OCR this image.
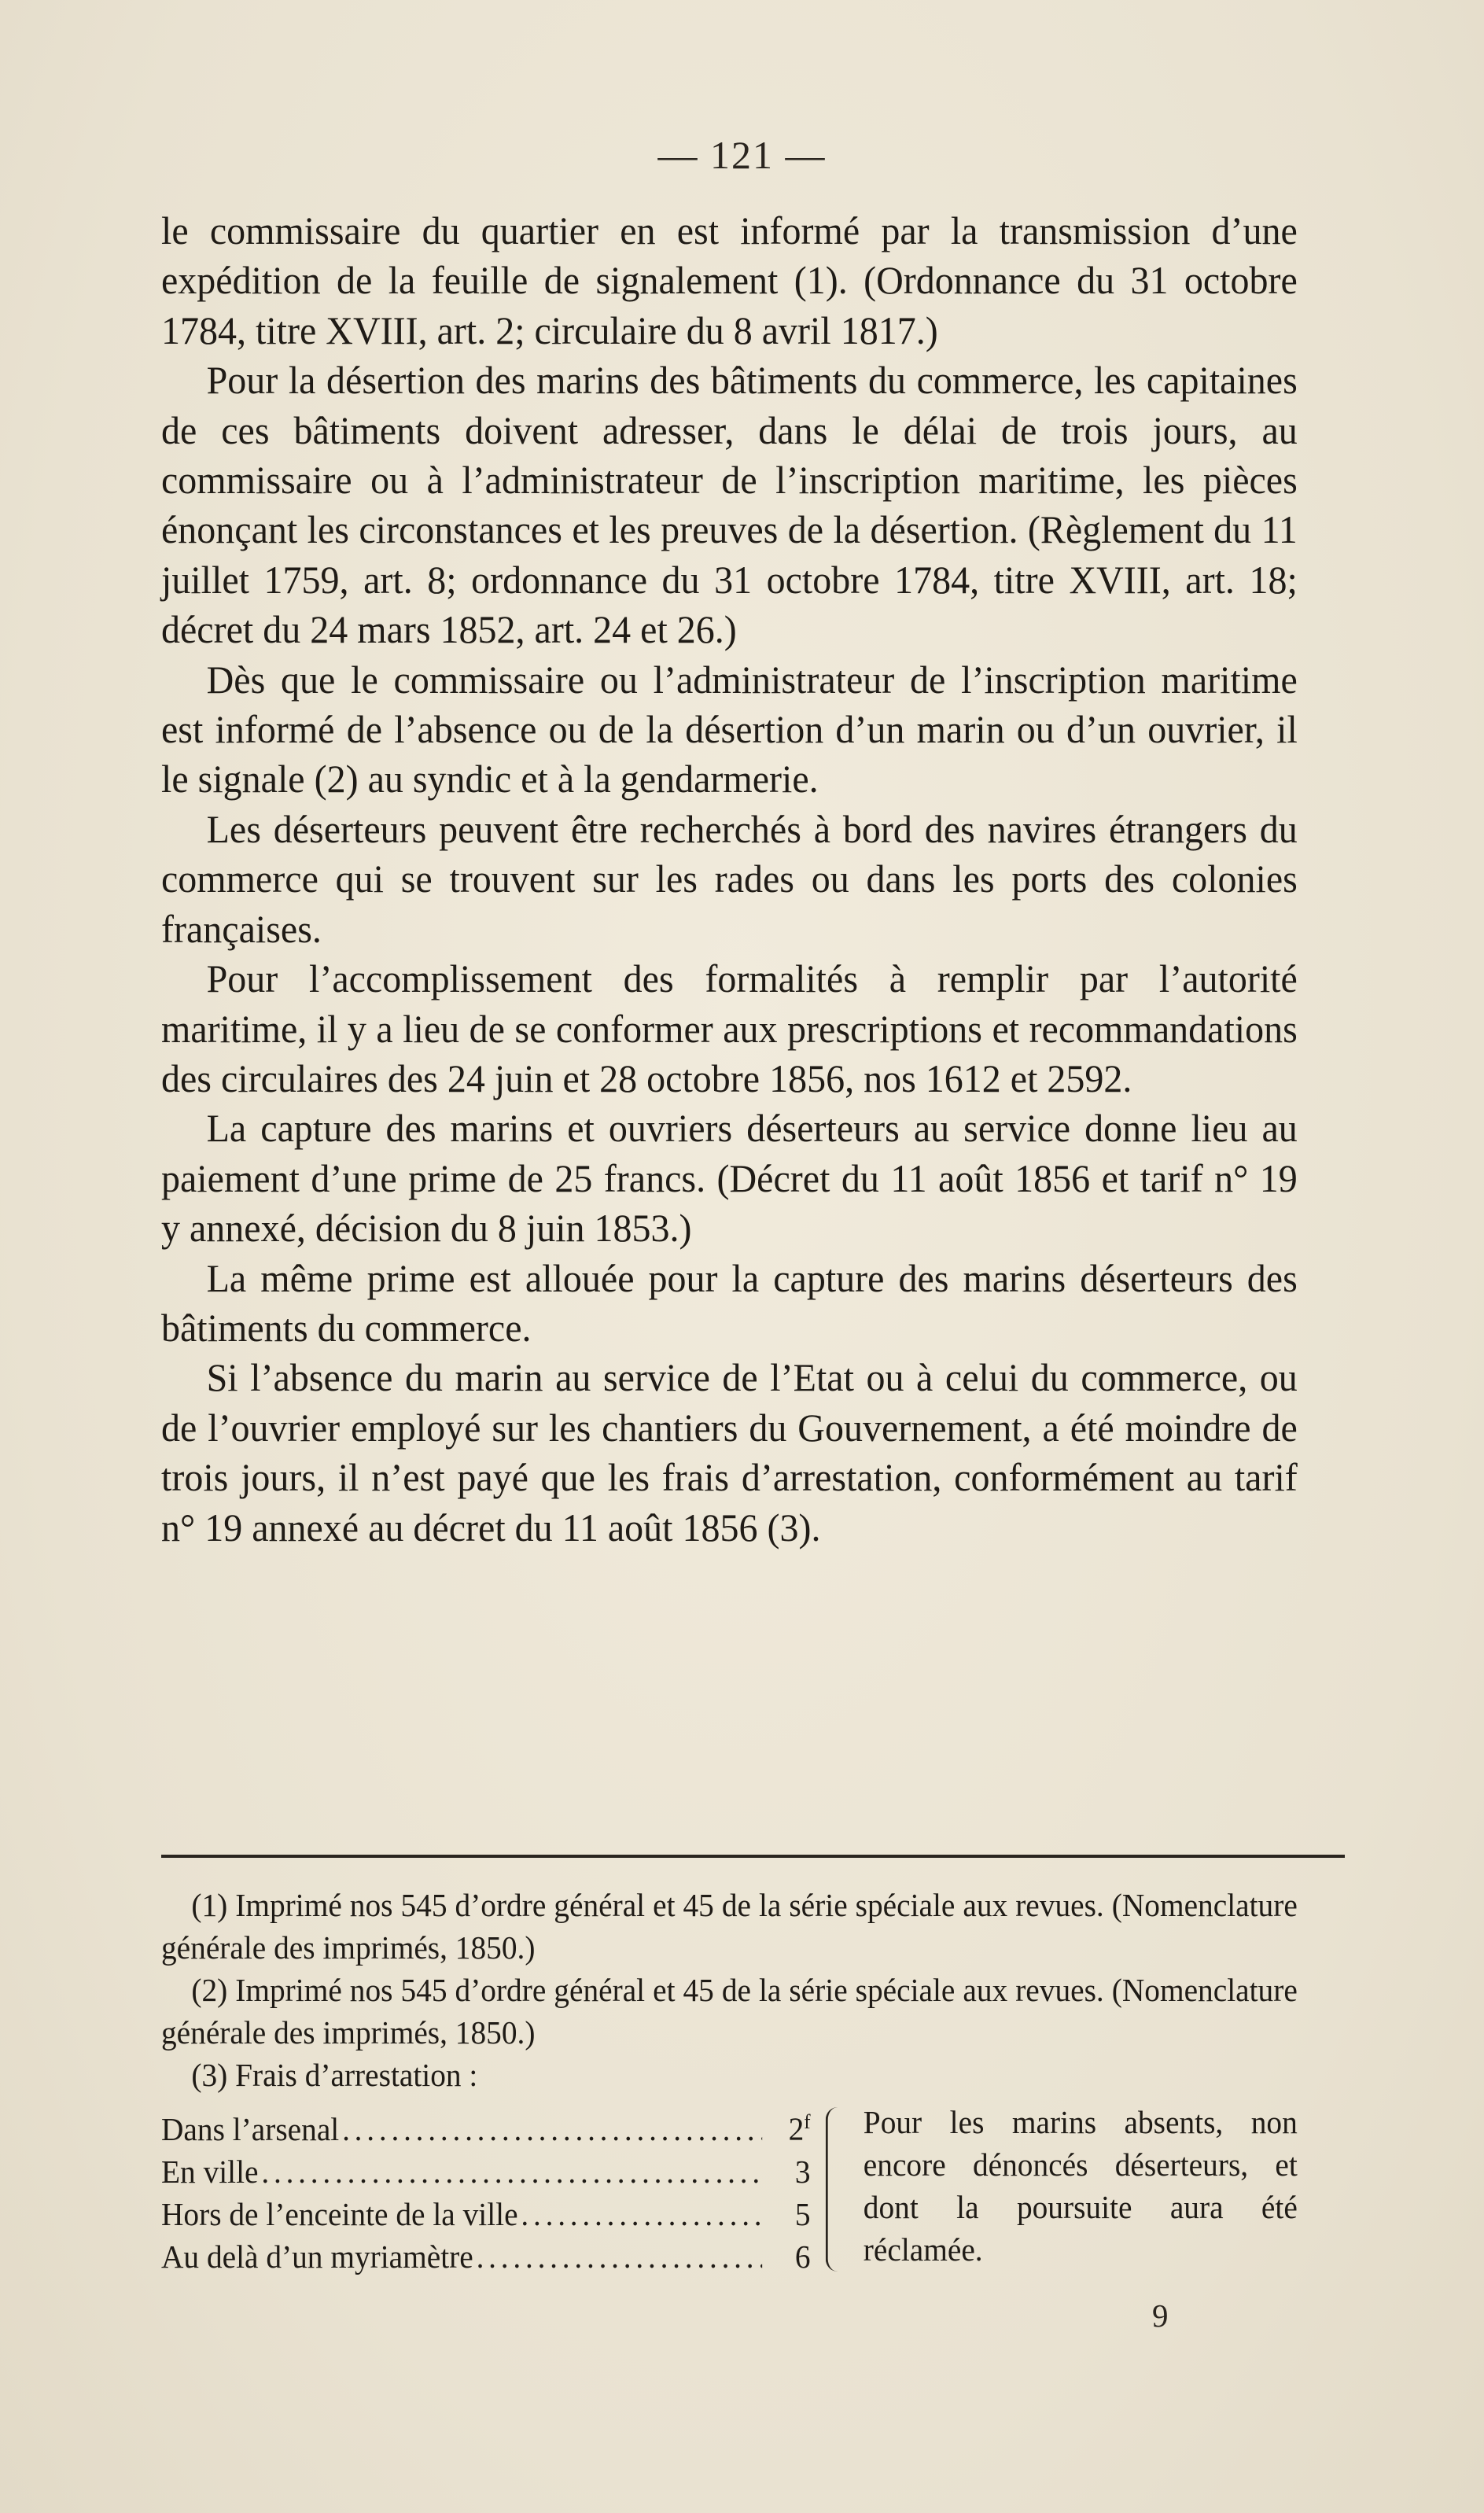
— 121 —

le commissaire du quartier en est informé par la transmission d’une expédition de la feuille de signalement (1). (Ordonnance du 31 octobre 1784, titre XVIII, art. 2; circulaire du 8 avril 1817.)

Pour la désertion des marins des bâtiments du commerce, les capitaines de ces bâtiments doivent adresser, dans le délai de trois jours, au commissaire ou à l’administrateur de l’inscription maritime, les pièces énonçant les circonstances et les preuves de la désertion. (Règlement du 11 juillet 1759, art. 8; ordonnance du 31 octobre 1784, titre XVIII, art. 18; décret du 24 mars 1852, art. 24 et 26.)

Dès que le commissaire ou l’administrateur de l’inscription maritime est informé de l’absence ou de la désertion d’un marin ou d’un ouvrier, il le signale (2) au syndic et à la gendarmerie.

Les déserteurs peuvent être recherchés à bord des navires étrangers du commerce qui se trouvent sur les rades ou dans les ports des colonies françaises.

Pour l’accomplissement des formalités à remplir par l’autorité maritime, il y a lieu de se conformer aux prescriptions et recommandations des circulaires des 24 juin et 28 octobre 1856, nos 1612 et 2592.

La capture des marins et ouvriers déserteurs au service donne lieu au paiement d’une prime de 25 francs. (Décret du 11 août 1856 et tarif n° 19 y annexé, décision du 8 juin 1853.)

La même prime est allouée pour la capture des marins déserteurs des bâtiments du commerce.

Si l’absence du marin au service de l’Etat ou à celui du commerce, ou de l’ouvrier employé sur les chantiers du Gouvernement, a été moindre de trois jours, il n’est payé que les frais d’arrestation, conformément au tarif n° 19 annexé au décret du 11 août 1856 (3).

(1) Imprimé nos 545 d’ordre général et 45 de la série spéciale aux revues. (Nomenclature générale des imprimés, 1850.)

(2) Imprimé nos 545 d’ordre général et 45 de la série spéciale aux revues. (Nomenclature générale des imprimés, 1850.)

(3) Frais d’arrestation :

Dans l’arsenal .....	2$^f$
En ville .....	3
Hors de l’enceinte de la ville .....	5
Au delà d’un myriamètre .....	6
Pour les marins absents, non encore dénoncés déserteurs, et dont la poursuite aura été réclamée.
9
